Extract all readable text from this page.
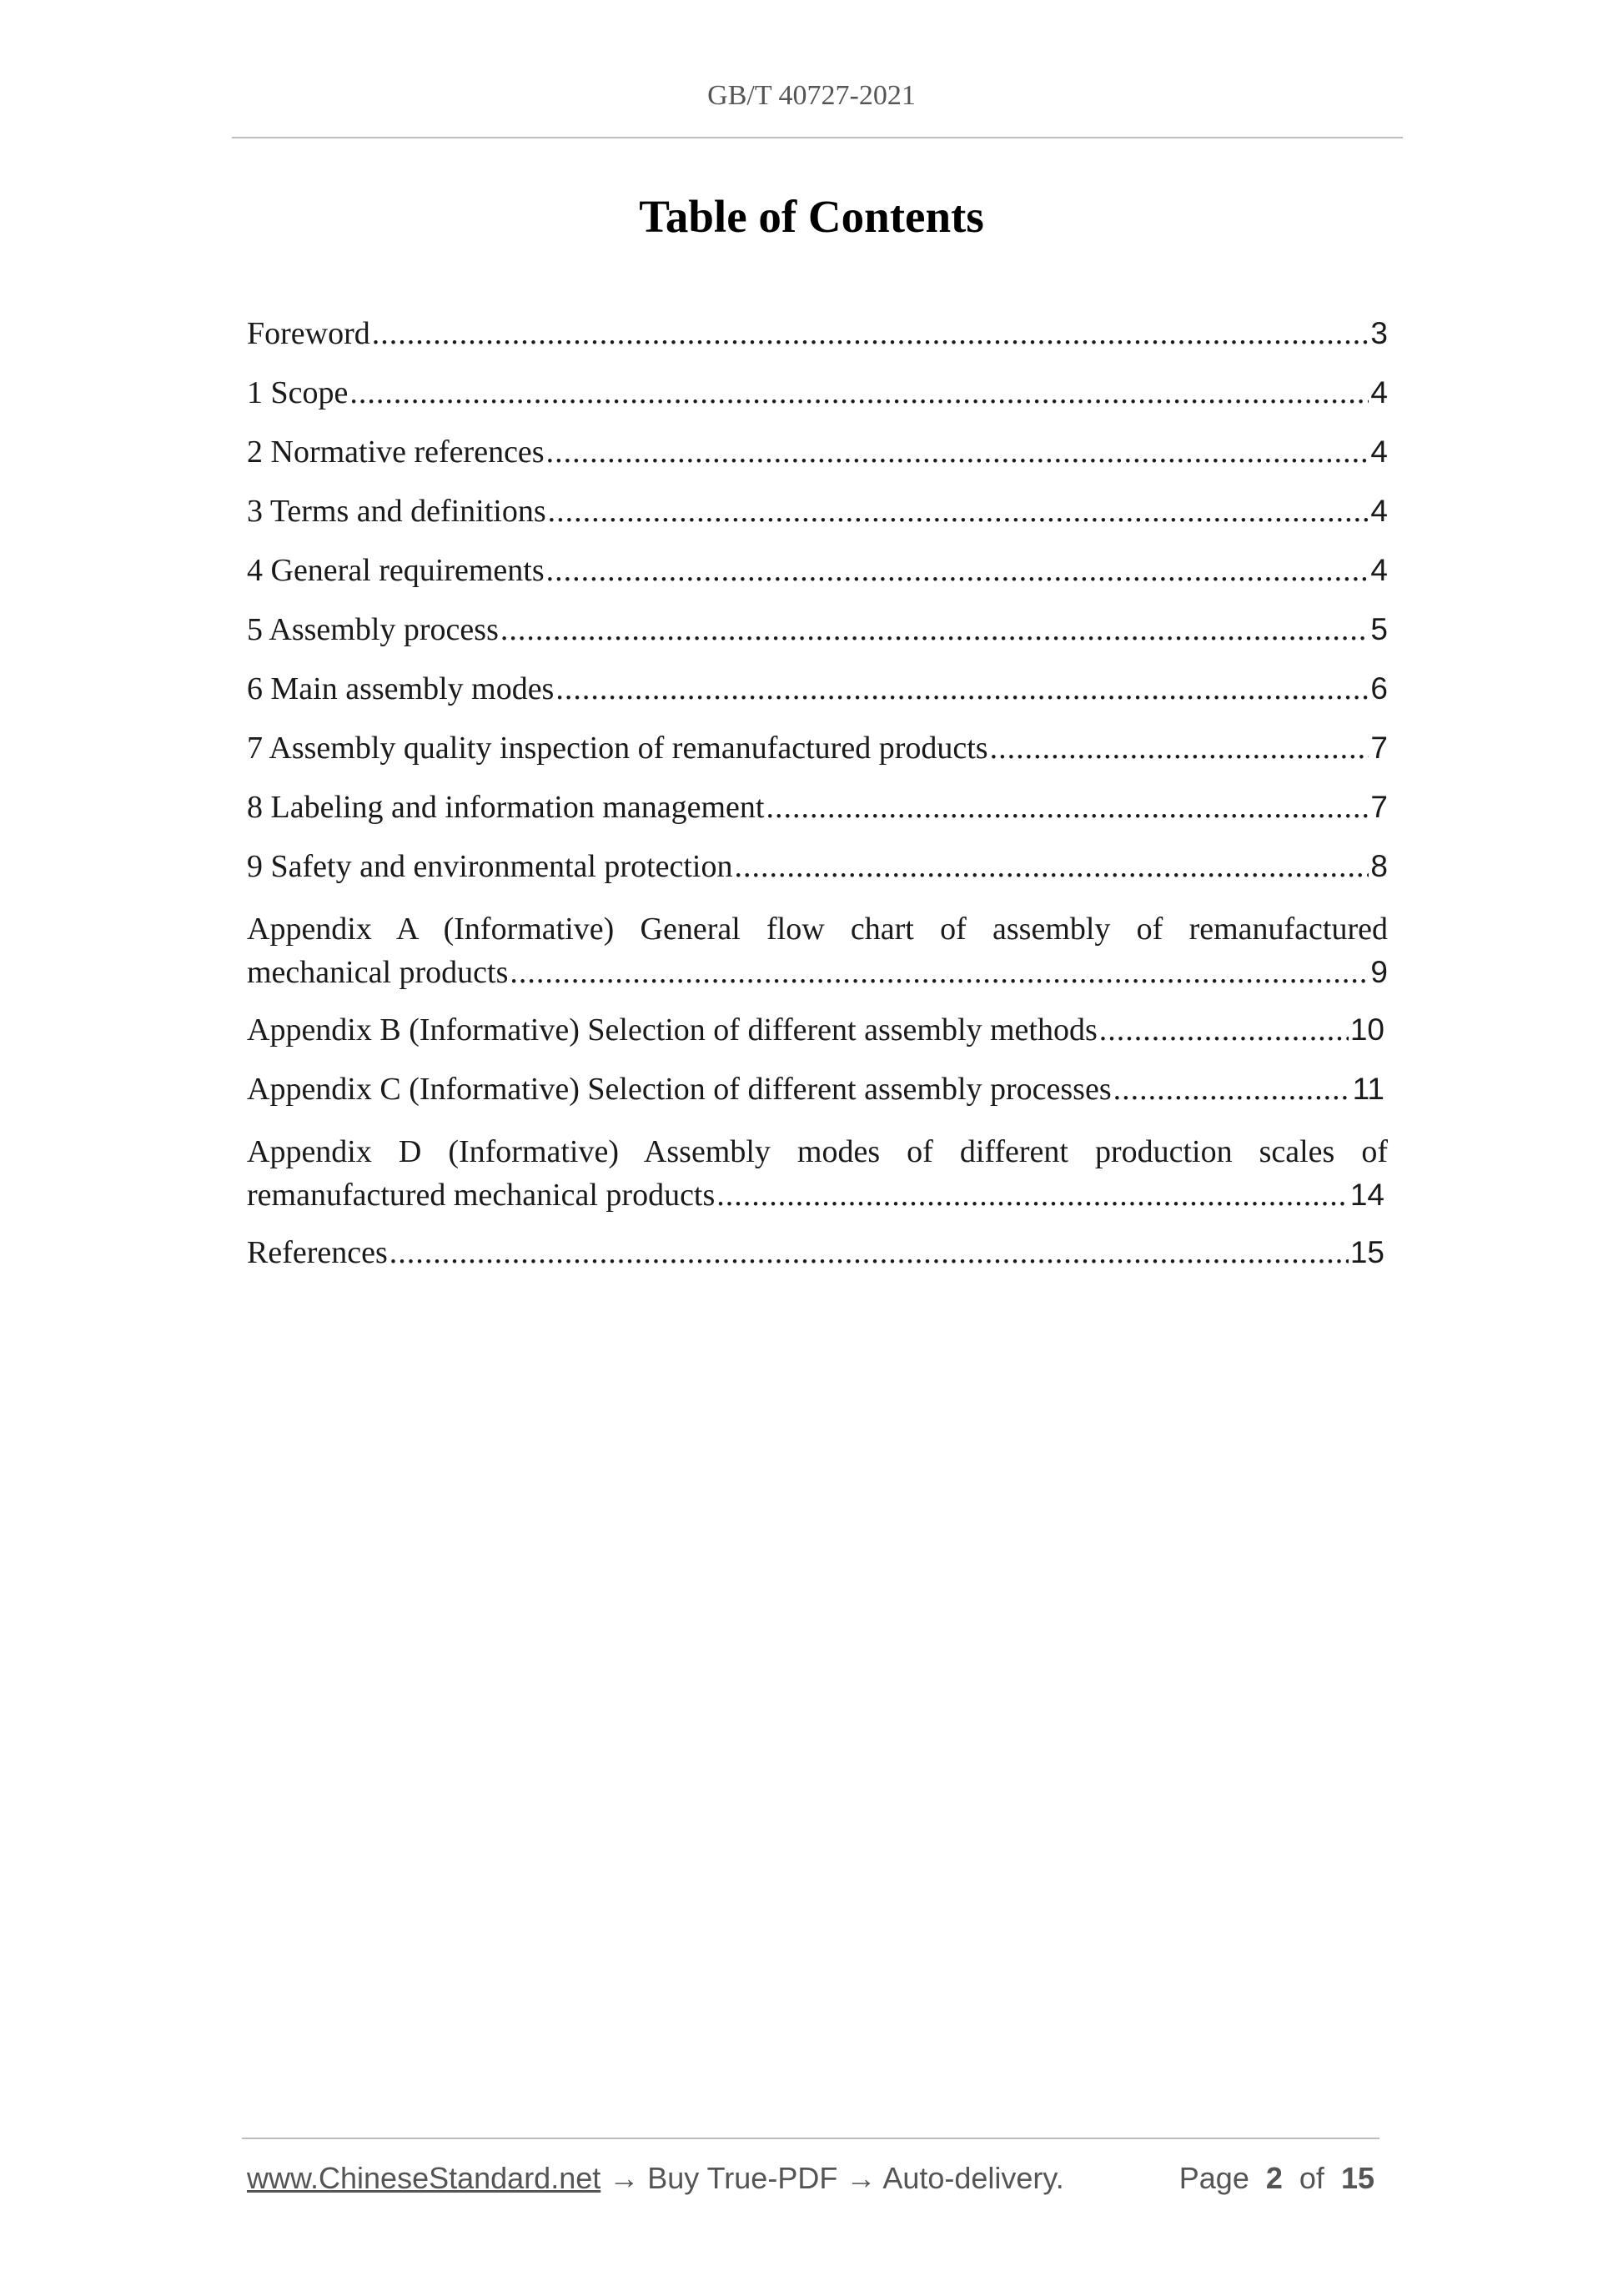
GB/T 40727-2021
Table of Contents
Foreword .....	3
1 Scope .....	4
2 Normative references .....	4
3 Terms and definitions .....	4
4 General requirements .....	4
5 Assembly process .....	5
6 Main assembly modes .....	6
7 Assembly quality inspection of remanufactured products .....	7
8 Labeling and information management .....	7
9 Safety and environmental protection .....	8
Appendix A (Informative) General flow chart of assembly of remanufactured
mechanical products .....	9
Appendix B (Informative) Selection of different assembly methods .....	10
Appendix C (Informative) Selection of different assembly processes .....	11
Appendix D (Informative) Assembly modes of different production scales of
remanufactured mechanical products .....	14
References .....	15
www.ChineseStandard.net → Buy True-PDF → Auto-delivery.	Page 2 of 15
